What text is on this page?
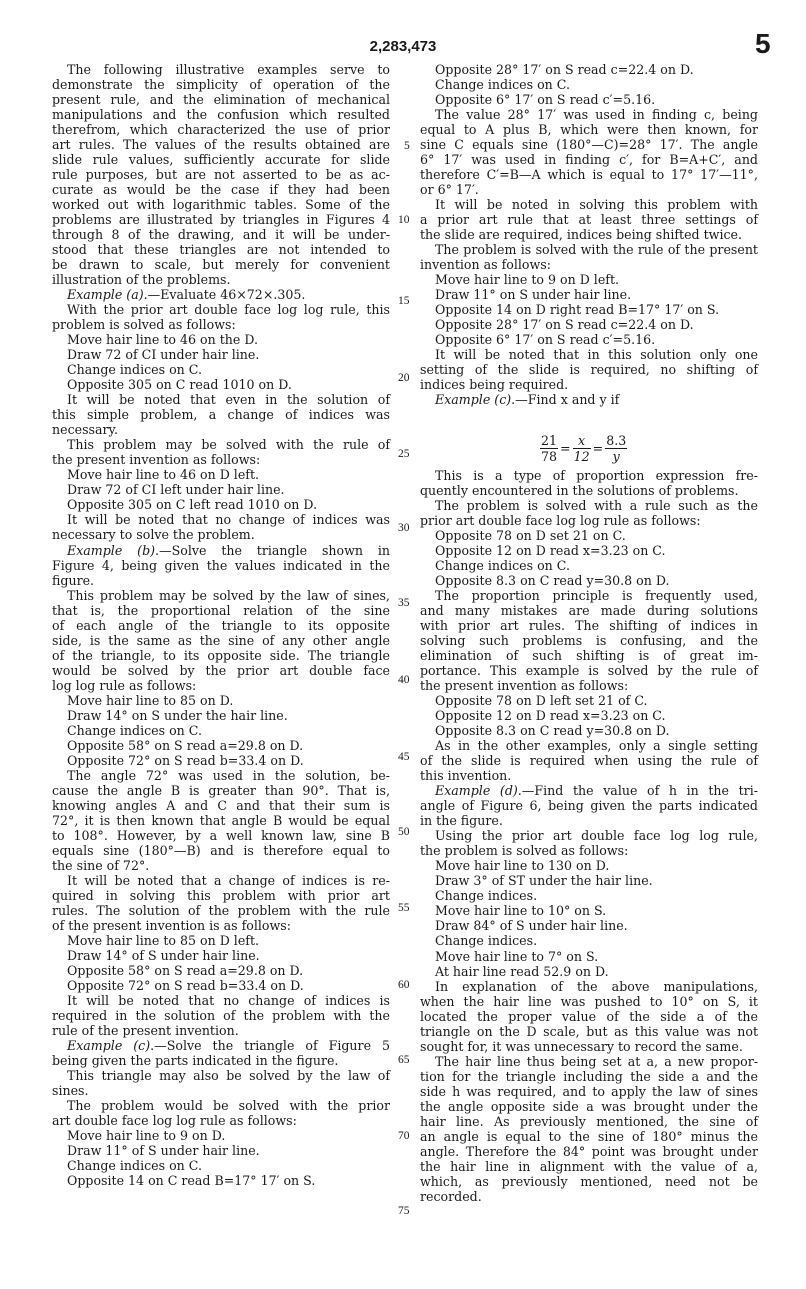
2,283,473	5
The following illustrative examples serve to
demonstrate the simplicity of operation of the
present rule, and the elimination of mechanical
manipulations and the confusion which resulted
therefrom, which characterized the use of prior
art rules. The values of the results obtained are
slide rule values, sufficiently accurate for slide
rule purposes, but are not asserted to be as ac-
curate as would be the case if they had been
worked out with logarithmic tables. Some of the
problems are illustrated by triangles in Figures 4
through 8 of the drawing, and it will be under-
stood that these triangles are not intended to
be drawn to scale, but merely for convenient
illustration of the problems.
Example (a).—Evaluate 46×72×.305.
With the prior art double face log log rule, this
problem is solved as follows:
Move hair line to 46 on the D.
Draw 72 of CI under hair line.
Change indices on C.
Opposite 305 on C read 1010 on D.
It will be noted that even in the solution of
this simple problem, a change of indices was
necessary.
This problem may be solved with the rule of
the present invention as follows:
Move hair line to 46 on D left.
Draw 72 of CI left under hair line.
Opposite 305 on C left read 1010 on D.
It will be noted that no change of indices was
necessary to solve the problem.
Example (b).—Solve the triangle shown in
Figure 4, being given the values indicated in the
figure.
This problem may be solved by the law of sines,
that is, the proportional relation of the sine
of each angle of the triangle to its opposite
side, is the same as the sine of any other angle
of the triangle, to its opposite side. The triangle
would be solved by the prior art double face
log log rule as follows:
Move hair line to 85 on D.
Draw 14° on S under the hair line.
Change indices on C.
Opposite 58° on S read a=29.8 on D.
Opposite 72° on S read b=33.4 on D.
The angle 72° was used in the solution, be-
cause the angle B is greater than 90°. That is,
knowing angles A and C and that their sum is
72°, it is then known that angle B would be equal
to 108°. However, by a well known law, sine B
equals sine (180°—B) and is therefore equal to
the sine of 72°.
It will be noted that a change of indices is re-
quired in solving this problem with prior art
rules. The solution of the problem with the rule
of the present invention is as follows:
Move hair line to 85 on D left.
Draw 14° of S under hair line.
Opposite 58° on S read a=29.8 on D.
Opposite 72° on S read b=33.4 on D.
It will be noted that no change of indices is
required in the solution of the problem with the
rule of the present invention.
Example (c).—Solve the triangle of Figure 5
being given the parts indicated in the figure.
This triangle may also be solved by the law of
sines.
The problem would be solved with the prior
art double face log log rule as follows:
Move hair line to 9 on D.
Draw 11° of S under hair line.
Change indices on C.
Opposite 14 on C read B=17° 17′ on S.
Opposite 28° 17′ on S read c=22.4 on D.
Change indices on C.
Opposite 6° 17′ on S read c′=5.16.
The value 28° 17′ was used in finding c, being
equal to A plus B, which were then known, for
sine C equals sine (180°—C)=28° 17′. The angle
6° 17′ was used in finding c′, for B=A+C′, and
therefore C′=B—A which is equal to 17° 17′—11°,
or 6° 17′.
It will be noted in solving this problem with
a prior art rule that at least three settings of
the slide are required, indices being shifted twice.
The problem is solved with the rule of the present
invention as follows:
Move hair line to 9 on D left.
Draw 11° on S under hair line.
Opposite 14 on D right read B=17° 17′ on S.
Opposite 28° 17′ on S read c=22.4 on D.
Opposite 6° 17′ on S read c′=5.16.
It will be noted that in this solution only one
setting of the slide is required, no shifting of
indices being required.
Example (c).—Find x and y if
$\frac{21}{78} = \frac{x}{12} = \frac{8.3}{y}$
This is a type of proportion expression fre-
quently encountered in the solutions of problems.
The problem is solved with a rule such as the
prior art double face log log rule as follows:
Opposite 78 on D set 21 on C.
Opposite 12 on D read x=3.23 on C.
Change indices on C.
Opposite 8.3 on C read y=30.8 on D.
The proportion principle is frequently used,
and many mistakes are made during solutions
with prior art rules. The shifting of indices in
solving such problems is confusing, and the
elimination of such shifting is of great im-
portance. This example is solved by the rule of
the present invention as follows:
Opposite 78 on D left set 21 of C.
Opposite 12 on D read x=3.23 on C.
Opposite 8.3 on C read y=30.8 on D.
As in the other examples, only a single setting
of the slide is required when using the rule of
this invention.
Example (d).—Find the value of h in the tri-
angle of Figure 6, being given the parts indicated
in the figure.
Using the prior art double face log log rule,
the problem is solved as follows:
Move hair line to 130 on D.
Draw 3° of ST under the hair line.
Change indices.
Move hair line to 10° on S.
Draw 84° of S under hair line.
Change indices.
Move hair line to 7° on S.
At hair line read 52.9 on D.
In explanation of the above manipulations,
when the hair line was pushed to 10° on S, it
located the proper value of the side a of the
triangle on the D scale, but as this value was not
sought for, it was unnecessary to record the same.
The hair line thus being set at a, a new propor-
tion for the triangle including the side a and the
side h was required, and to apply the law of sines
the angle opposite side a was brought under the
hair line. As previously mentioned, the sine of
an angle is equal to the sine of 180° minus the
angle. Therefore the 84° point was brought under
the hair line in alignment with the value of a,
which, as previously mentioned, need not be
recorded.
5
10
15
20
25
30
35
40
45
50
55
60
65
70
75
